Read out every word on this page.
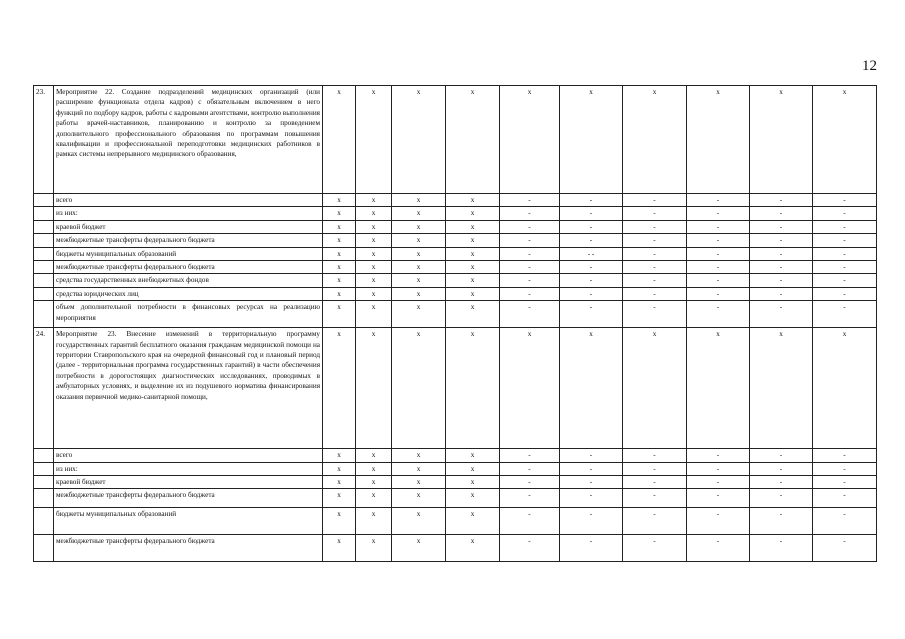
12
23.	Мероприятие 22. Создание подразделений медицинских организаций (или расширение функционала отдела кадров) с обязательным включением в него функций по подбору кадров, работы с кадровыми агентствами, контролю выполнения работы врачей-наставников, планированию и контролю за проведением дополнительного профессионального образования по программам повышения квалификации и профессиональной переподготовки медицинских работников в рамках системы непрерывного медицинского образования,	x	x	x	x	x	x	x	x	x	x
	всего	x	x	x	x	-	-	-	-	-	-
	из них:	x	x	x	x	-	-	-	-	-	-
	краевой бюджет	x	x	x	x	-	-	-	-	-	-
	межбюджетные трансферты федерального бюджета	x	x	x	x	-	-	-	-	-	-
	бюджеты муниципальных образований	x	x	x	x	-	- -	-	-	-	-
	межбюджетные трансферты федерального бюджета	x	x	x	x	-	-	-	-	-	-
	средства государственных внебюджетных фондов	x	x	x	x	-	-	-	-	-	-
	средства юридических лиц	x	x	x	x	-	-	-	-	-	-
	объем дополнительной потребности в финансовых ресурсах на реализацию мероприятия	x	x	x	x	-	-	-	-	-	-
24.	Мероприятие 23. Внесение изменений в территориальную программу государственных гарантий бесплатного оказания гражданам медицинской помощи на территории Ставропольского края на очередной финансовый год и плановый период (далее - территориальная программа государственных гарантий) в части обеспечения потребности в дорогостоящих диагностических исследованиях, проводимых в амбулаторных условиях, и выделение их из подушевого норматива финансирования оказания первичной медико-санитарной помощи,	x	x	x	x	x	x	x	x	x	x
	всего	x	x	x	x	-	-	-	-	-	-
	из них:	x	x	x	x	-	-	-	-	-	-
	краевой бюджет	x	x	x	x	-	-	-	-	-	-
	межбюджетные трансферты федерального бюджета	x	x	x	x	-	-	-	-	-	-
	бюджеты муниципальных образований	x	x	x	x	-	-	-	-	-	-
	межбюджетные трансферты федерального бюджета	x	x	x	x	-	-	-	-	-	-
